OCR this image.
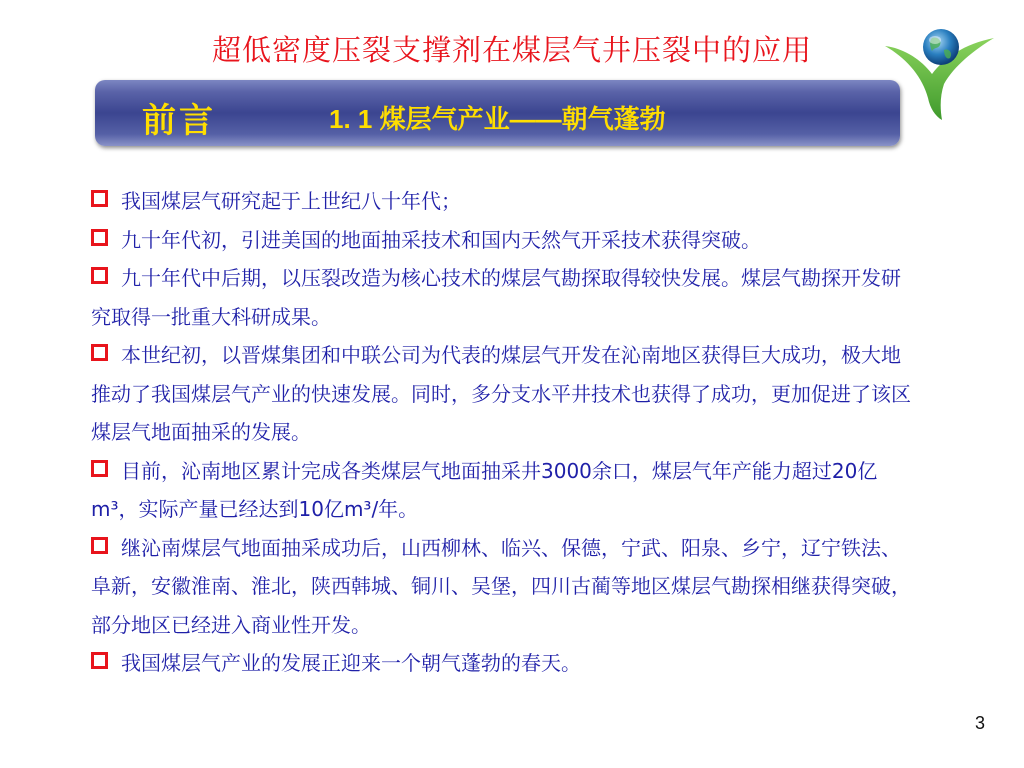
超低密度压裂支撑剂在煤层气井压裂中的应用
前言	1. 1 煤层气产业——朝气蓬勃

我国煤层气研究起于上世纪八十年代；

九十年代初，引进美国的地面抽采技术和国内天然气开采技术获得突破。

九十年代中后期，以压裂改造为核心技术的煤层气勘探取得较快发展。煤层气勘探开发研究取得一批重大科研成果。

本世纪初，以晋煤集团和中联公司为代表的煤层气开发在沁南地区获得巨大成功，极大地推动了我国煤层气产业的快速发展。同时，多分支水平井技术也获得了成功，更加促进了该区煤层气地面抽采的发展。

目前，沁南地区累计完成各类煤层气地面抽采井3000余口，煤层气年产能力超过20亿m³，实际产量已经达到10亿m³/年。

继沁南煤层气地面抽采成功后，山西柳林、临兴、保德，宁武、阳泉、乡宁，辽宁铁法、阜新，安徽淮南、淮北，陕西韩城、铜川、吴堡，四川古蔺等地区煤层气勘探相继获得突破，部分地区已经进入商业性开发。

我国煤层气产业的发展正迎来一个朝气蓬勃的春天。

3
